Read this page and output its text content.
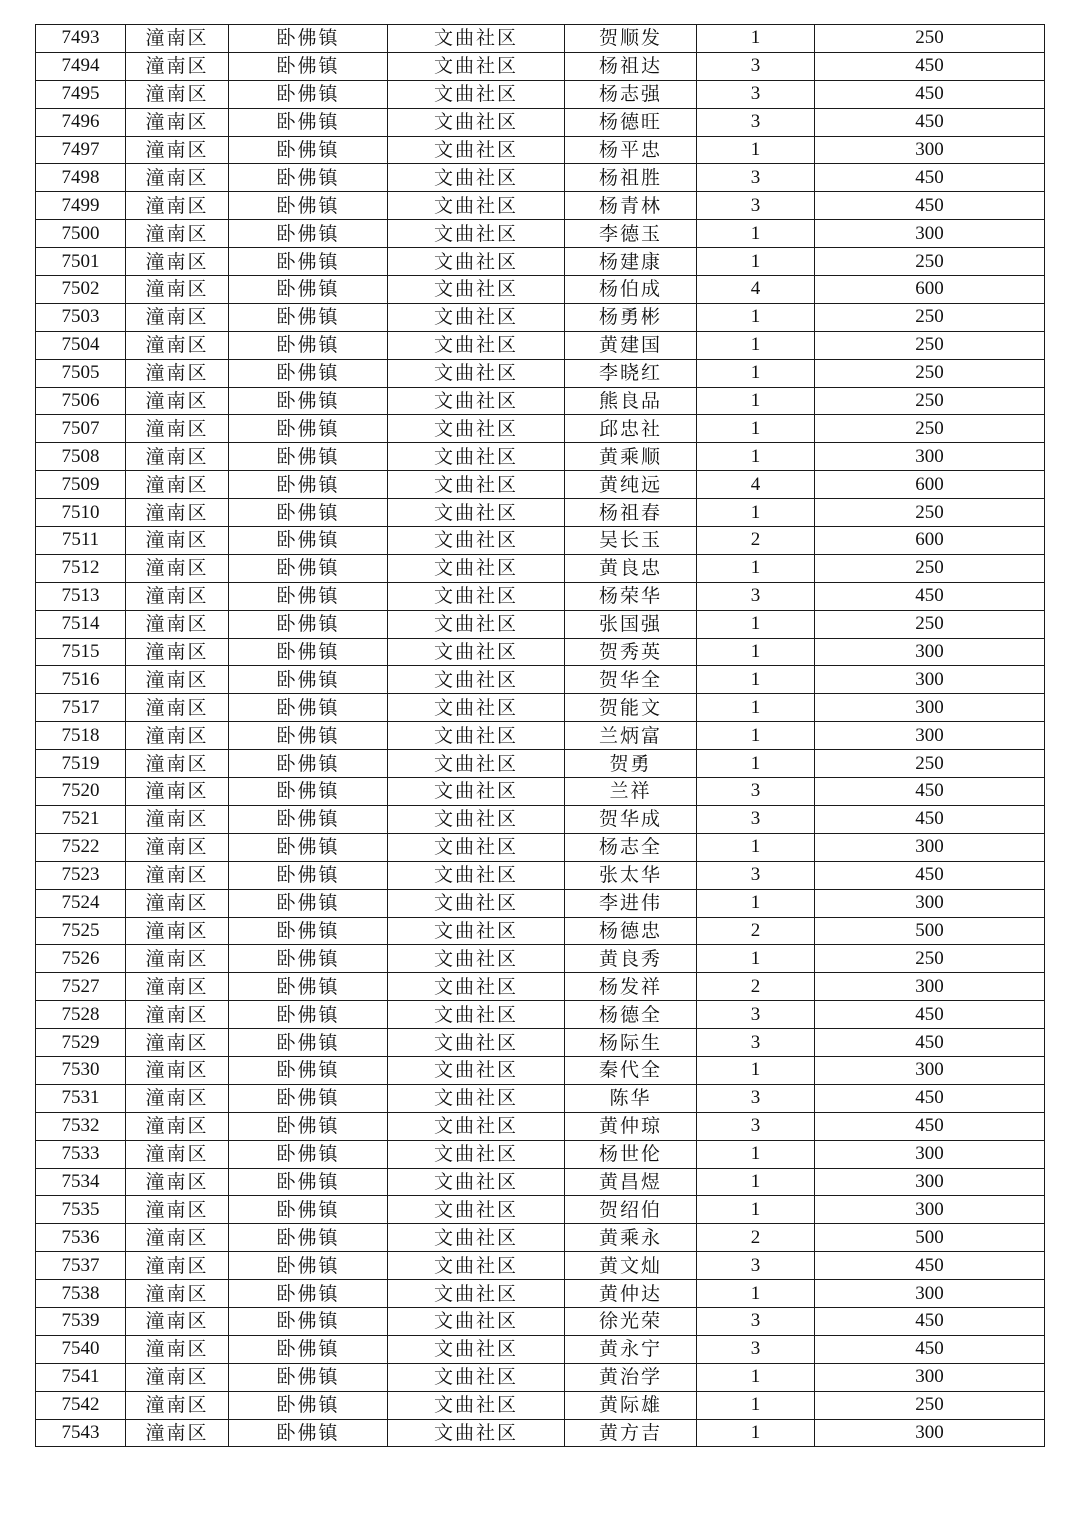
7493	潼南区	卧佛镇	文曲社区	贺顺发	1	250
7494	潼南区	卧佛镇	文曲社区	杨祖达	3	450
7495	潼南区	卧佛镇	文曲社区	杨志强	3	450
7496	潼南区	卧佛镇	文曲社区	杨德旺	3	450
7497	潼南区	卧佛镇	文曲社区	杨平忠	1	300
7498	潼南区	卧佛镇	文曲社区	杨祖胜	3	450
7499	潼南区	卧佛镇	文曲社区	杨青林	3	450
7500	潼南区	卧佛镇	文曲社区	李德玉	1	300
7501	潼南区	卧佛镇	文曲社区	杨建康	1	250
7502	潼南区	卧佛镇	文曲社区	杨伯成	4	600
7503	潼南区	卧佛镇	文曲社区	杨勇彬	1	250
7504	潼南区	卧佛镇	文曲社区	黄建国	1	250
7505	潼南区	卧佛镇	文曲社区	李晓红	1	250
7506	潼南区	卧佛镇	文曲社区	熊良品	1	250
7507	潼南区	卧佛镇	文曲社区	邱忠社	1	250
7508	潼南区	卧佛镇	文曲社区	黄乘顺	1	300
7509	潼南区	卧佛镇	文曲社区	黄纯远	4	600
7510	潼南区	卧佛镇	文曲社区	杨祖春	1	250
7511	潼南区	卧佛镇	文曲社区	吴长玉	2	600
7512	潼南区	卧佛镇	文曲社区	黄良忠	1	250
7513	潼南区	卧佛镇	文曲社区	杨荣华	3	450
7514	潼南区	卧佛镇	文曲社区	张国强	1	250
7515	潼南区	卧佛镇	文曲社区	贺秀英	1	300
7516	潼南区	卧佛镇	文曲社区	贺华全	1	300
7517	潼南区	卧佛镇	文曲社区	贺能文	1	300
7518	潼南区	卧佛镇	文曲社区	兰炳富	1	300
7519	潼南区	卧佛镇	文曲社区	贺勇	1	250
7520	潼南区	卧佛镇	文曲社区	兰祥	3	450
7521	潼南区	卧佛镇	文曲社区	贺华成	3	450
7522	潼南区	卧佛镇	文曲社区	杨志全	1	300
7523	潼南区	卧佛镇	文曲社区	张太华	3	450
7524	潼南区	卧佛镇	文曲社区	李进伟	1	300
7525	潼南区	卧佛镇	文曲社区	杨德忠	2	500
7526	潼南区	卧佛镇	文曲社区	黄良秀	1	250
7527	潼南区	卧佛镇	文曲社区	杨发祥	2	300
7528	潼南区	卧佛镇	文曲社区	杨德全	3	450
7529	潼南区	卧佛镇	文曲社区	杨际生	3	450
7530	潼南区	卧佛镇	文曲社区	秦代全	1	300
7531	潼南区	卧佛镇	文曲社区	陈华	3	450
7532	潼南区	卧佛镇	文曲社区	黄仲琼	3	450
7533	潼南区	卧佛镇	文曲社区	杨世伦	1	300
7534	潼南区	卧佛镇	文曲社区	黄昌煜	1	300
7535	潼南区	卧佛镇	文曲社区	贺绍伯	1	300
7536	潼南区	卧佛镇	文曲社区	黄乘永	2	500
7537	潼南区	卧佛镇	文曲社区	黄文灿	3	450
7538	潼南区	卧佛镇	文曲社区	黄仲达	1	300
7539	潼南区	卧佛镇	文曲社区	徐光荣	3	450
7540	潼南区	卧佛镇	文曲社区	黄永宁	3	450
7541	潼南区	卧佛镇	文曲社区	黄治学	1	300
7542	潼南区	卧佛镇	文曲社区	黄际雄	1	250
7543	潼南区	卧佛镇	文曲社区	黄方吉	1	300
